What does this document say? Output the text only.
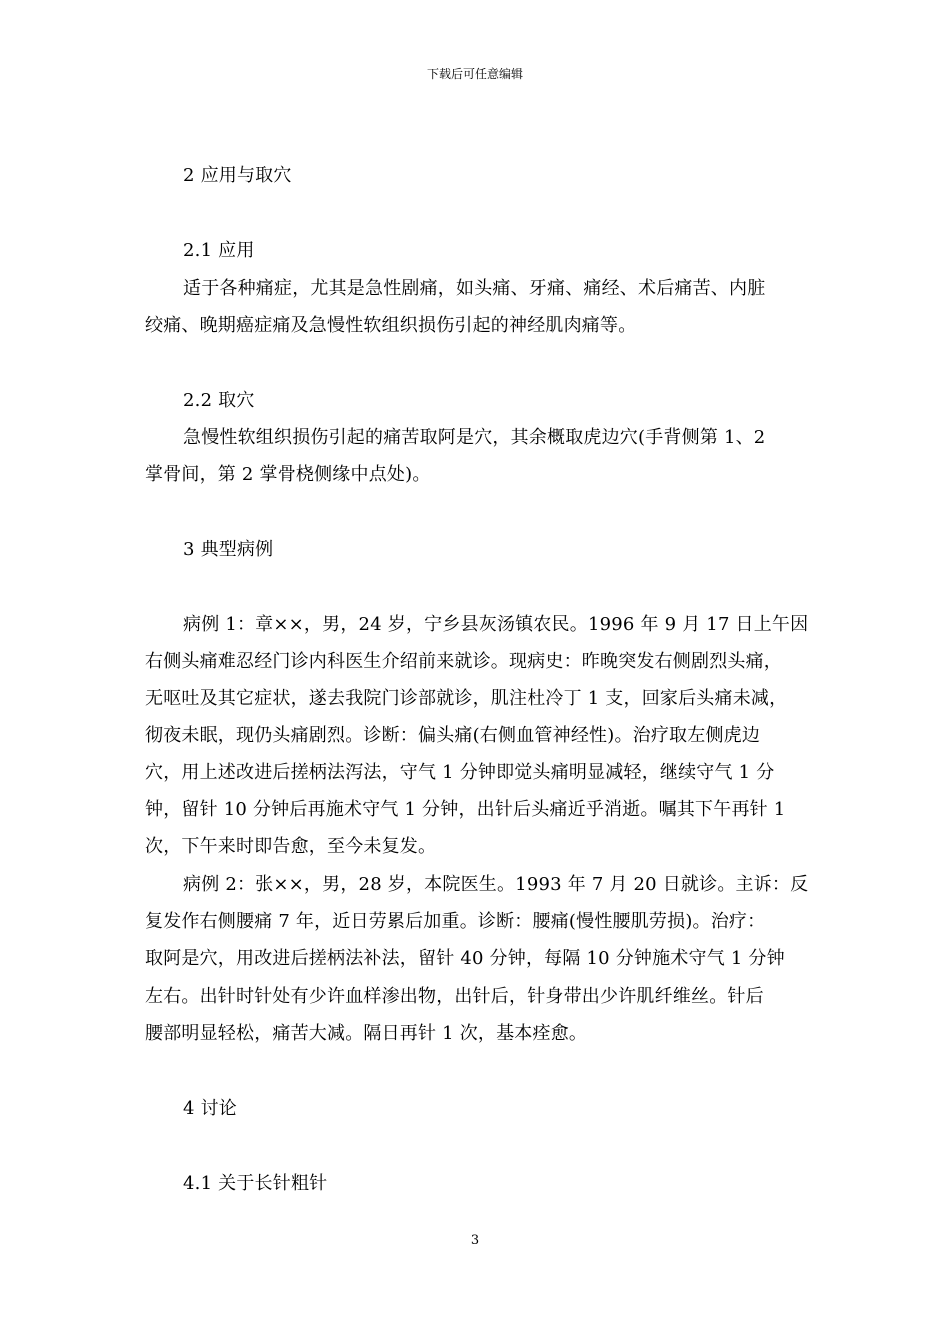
下载后可任意编辑
2 应用与取穴
2.1 应用
适于各种痛症，尤其是急性剧痛，如头痛、牙痛、痛经、术后痛苦、内脏
绞痛、晚期癌症痛及急慢性软组织损伤引起的神经肌肉痛等。
2.2 取穴
急慢性软组织损伤引起的痛苦取阿是穴，其余概取虎边穴(手背侧第 1、2
掌骨间，第 2 掌骨桡侧缘中点处)。
3 典型病例
病例 1：章××，男，24 岁，宁乡县灰汤镇农民。1996 年 9 月 17 日上午因
右侧头痛难忍经门诊内科医生介绍前来就诊。现病史：昨晚突发右侧剧烈头痛，
无呕吐及其它症状，遂去我院门诊部就诊，肌注杜冷丁 1 支，回家后头痛未减，
彻夜未眠，现仍头痛剧烈。诊断：偏头痛(右侧血管神经性)。治疗取左侧虎边
穴，用上述改进后搓柄法泻法，守气 1 分钟即觉头痛明显减轻，继续守气 1 分
钟，留针 10 分钟后再施术守气 1 分钟，出针后头痛近乎消逝。嘱其下午再针 1
次，下午来时即告愈，至今未复发。
病例 2：张××，男，28 岁，本院医生。1993 年 7 月 20 日就诊。主诉：反
复发作右侧腰痛 7 年，近日劳累后加重。诊断：腰痛(慢性腰肌劳损)。治疗：
取阿是穴，用改进后搓柄法补法，留针 40 分钟，每隔 10 分钟施术守气 1 分钟
左右。出针时针处有少许血样渗出物，出针后，针身带出少许肌纤维丝。针后
腰部明显轻松，痛苦大减。隔日再针 1 次，基本痊愈。
4 讨论
4.1 关于长针粗针
3
